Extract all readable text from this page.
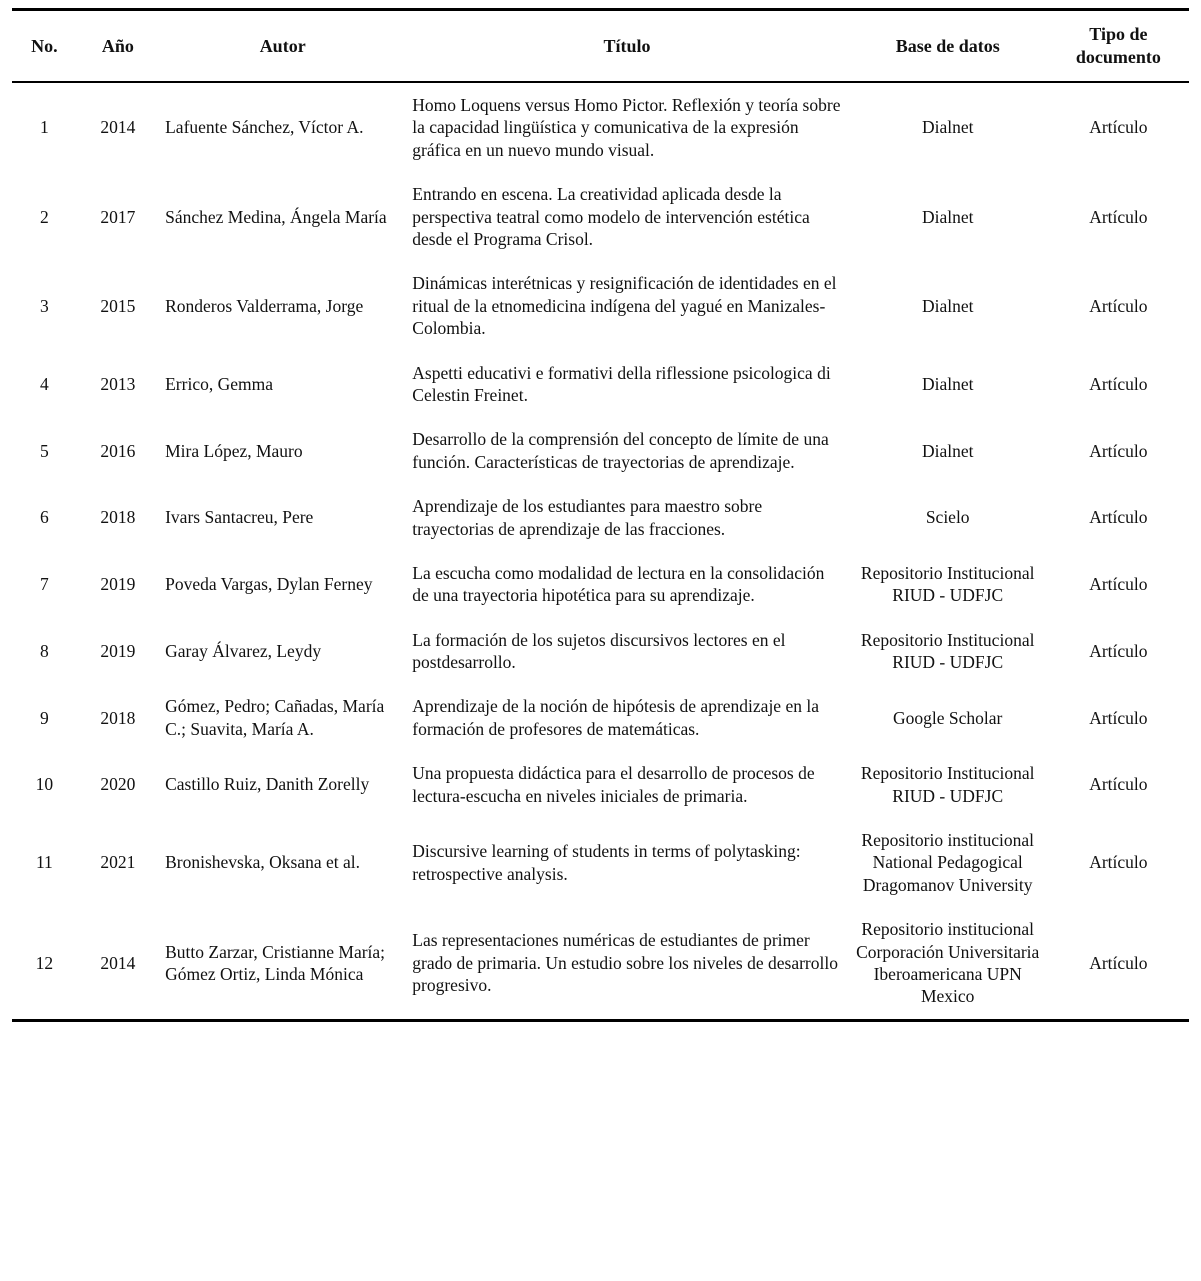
No.	Año	Autor	Título	Base de datos	Tipo de documento
1	2014	Lafuente Sánchez, Víctor A.	Homo Loquens versus Homo Pictor. Reflexión y teoría sobre la capacidad lingüística y comunicativa de la expresión gráfica en un nuevo mundo visual.	Dialnet	Artículo
2	2017	Sánchez Medina, Ángela María	Entrando en escena. La creatividad aplicada desde la perspectiva teatral como modelo de intervención estética desde el Programa Crisol.	Dialnet	Artículo
3	2015	Ronderos Valderrama, Jorge	Dinámicas interétnicas y resignificación de identidades en el ritual de la etnomedicina indígena del yagué en Manizales-Colombia.	Dialnet	Artículo
4	2013	Errico, Gemma	Aspetti educativi e formativi della riflessione psicologica di Celestin Freinet.	Dialnet	Artículo
5	2016	Mira López, Mauro	Desarrollo de la comprensión del concepto de límite de una función. Características de trayectorias de aprendizaje.	Dialnet	Artículo
6	2018	Ivars Santacreu, Pere	Aprendizaje de los estudiantes para maestro sobre trayectorias de aprendizaje de las fracciones.	Scielo	Artículo
7	2019	Poveda Vargas, Dylan Ferney	La escucha como modalidad de lectura en la consolidación de una trayectoria hipotética para su aprendizaje.	Repositorio Institucional RIUD - UDFJC	Artículo
8	2019	Garay Álvarez, Leydy	La formación de los sujetos discursivos lectores en el postdesarrollo.	Repositorio Institucional RIUD - UDFJC	Artículo
9	2018	Gómez, Pedro; Cañadas, María C.; Suavita, María A.	Aprendizaje de la noción de hipótesis de aprendizaje en la formación de profesores de matemáticas.	Google Scholar	Artículo
10	2020	Castillo Ruiz, Danith Zorelly	Una propuesta didáctica para el desarrollo de procesos de lectura-escucha en niveles iniciales de primaria.	Repositorio Institucional RIUD - UDFJC	Artículo
11	2021	Bronishevska, Oksana et al.	Discursive learning of students in terms of polytasking: retrospective analysis.	Repositorio institucional National Pedagogical Dragomanov University	Artículo
12	2014	Butto Zarzar, Cristianne María; Gómez Ortiz, Linda Mónica	Las representaciones numéricas de estudiantes de primer grado de primaria. Un estudio sobre los niveles de desarrollo progresivo.	Repositorio institucional Corporación Universitaria Iberoamericana UPN Mexico	Artículo
